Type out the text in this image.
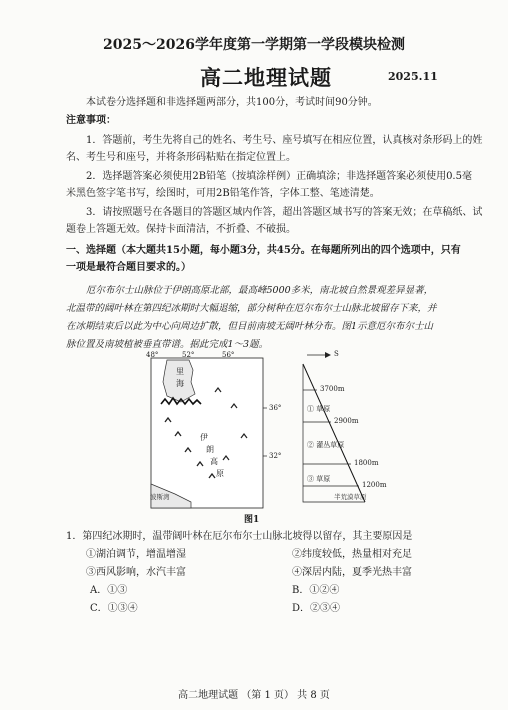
2025～2026学年度第一学期第一学段模块检测
高二地理试题	2025.11
本试卷分选择题和非选择题两部分，共100分，考试时间90分钟。
注意事项：
1．答题前，考生先将自己的姓名、考生号、座号填写在相应位置，认真核对条形码上的姓
名、考生号和座号，并将条形码粘贴在指定位置上。
2．选择题答案必须使用2B铅笔（按填涂样例）正确填涂；非选择题答案必须使用0.5毫
米黑色签字笔书写，绘图时，可用2B铅笔作答，字体工整、笔迹清楚。
3．请按照题号在各题目的答题区域内作答，超出答题区域书写的答案无效；在草稿纸、试
题卷上答题无效。保持卡面清洁，不折叠、不破损。
一、选择题（本大题共15小题，每小题3分，共45分。在每题所列出的四个选项中，只有
一项是最符合题目要求的。）
厄尔布尔士山脉位于伊朗高原北部，最高峰5000多米，南北坡自然景观差异显著，
北温带的阔叶林在第四纪冰期时大幅退缩，部分树种在厄尔布尔士山脉北坡留存下来，并
在冰期结束后以此为中心向周边扩散，但目前南坡无阔叶林分布。图1示意厄尔布尔士山
脉位置及南坡植被垂直带谱。据此完成1～3题。
48°	52°	56°
36°
32°
里
海
波斯湾
伊
朗
高
原
S
3700m
2900m
1800m
1200m
① 草原
② 灌丛草原
③ 草原
半荒漠草原
图1
1．第四纪冰期时，温带阔叶林在厄尔布尔士山脉北坡得以留存，其主要原因是
①湖泊调节，增温增湿	②纬度较低，热量相对充足
③西风影响，水汽丰富	④深居内陆，夏季光热丰富
A．①③	B．①②④
C．①③④	D．②③④
高二地理试题 （第 1 页） 共 8 页
